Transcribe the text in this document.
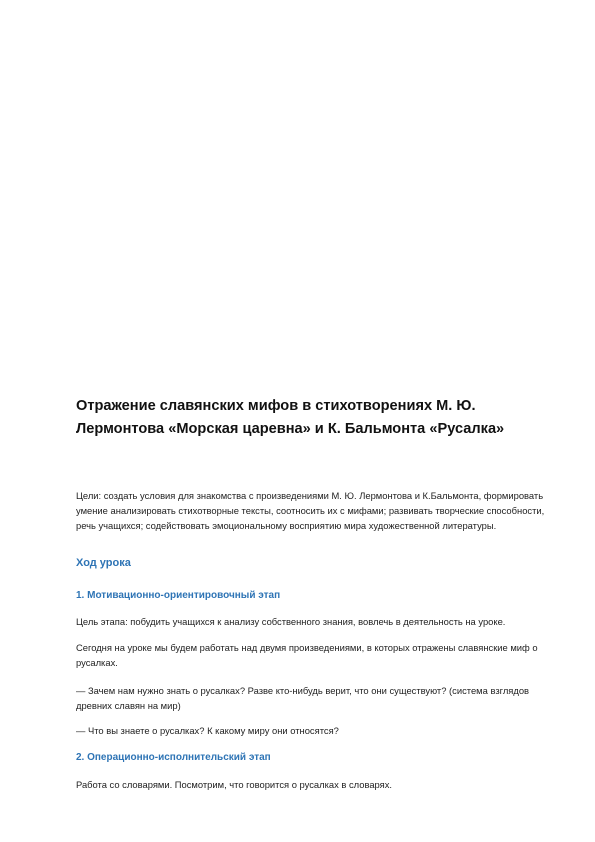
Отражение славянских мифов в стихотворениях М. Ю. Лермонтова «Морская царевна» и К. Бальмонта «Русалка»

Цели: создать условия для знакомства с произведениями М. Ю. Лермонтова и К.Бальмонта, формировать умение анализировать стихотворные тексты, соотносить их с мифами; развивать творческие способности, речь учащихся; содействовать эмоциональному восприятию мира художественной литературы.

Ход урока
1. Мотивационно-ориентировочный этап

Цель этапа: побудить учащихся к анализу собственного знания, вовлечь в деятельность на уроке.

Сегодня на уроке мы будем работать над двумя произведениями, в которых отражены славянские миф о русалках.

— Зачем нам нужно знать о русалках? Разве кто-нибудь верит, что они существуют? (система взглядов древних славян на мир)

— Что вы знаете о русалках? К какому миру они относятся?

2. Операционно-исполнительский этап

Работа со словарями. Посмотрим, что говорится о русалках в словарях.
